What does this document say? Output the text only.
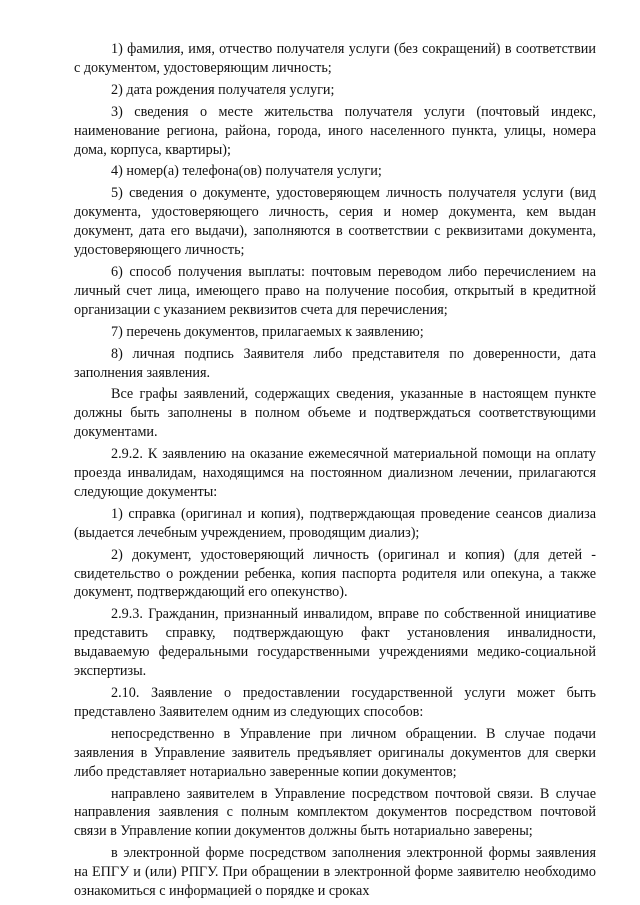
1) фамилия, имя, отчество получателя услуги (без сокращений) в соответствии с документом, удостоверяющим личность;

2) дата рождения получателя услуги;

3) сведения о месте жительства получателя услуги (почтовый индекс, наименование региона, района, города, иного населенного пункта, улицы, номера дома, корпуса, квартиры);

4) номер(а) телефона(ов) получателя услуги;

5) сведения о документе, удостоверяющем личность получателя услуги (вид документа, удостоверяющего личность, серия и номер документа, кем выдан документ, дата его выдачи), заполняются в соответствии с реквизитами документа, удостоверяющего личность;

6) способ получения выплаты: почтовым переводом либо перечислением на личный счет лица, имеющего право на получение пособия, открытый в кредитной организации с указанием реквизитов счета для перечисления;

7) перечень документов, прилагаемых к заявлению;

8) личная подпись Заявителя либо представителя по доверенности, дата заполнения заявления.

Все графы заявлений, содержащих сведения, указанные в настоящем пункте должны быть заполнены в полном объеме и подтверждаться соответствующими документами.

2.9.2. К заявлению на оказание ежемесячной материальной помощи на оплату проезда инвалидам, находящимся на постоянном диализном лечении, прилагаются следующие документы:

1) справка (оригинал и копия), подтверждающая проведение сеансов диализа (выдается лечебным учреждением, проводящим диализ);

2) документ, удостоверяющий личность (оригинал и копия) (для детей - свидетельство о рождении ребенка, копия паспорта родителя или опекуна, а также документ, подтверждающий его опекунство).

2.9.3. Гражданин, признанный инвалидом, вправе по собственной инициативе представить справку, подтверждающую факт установления инвалидности, выдаваемую федеральными государственными учреждениями медико-социальной экспертизы.

2.10. Заявление о предоставлении государственной услуги может быть представлено Заявителем одним из следующих способов:

непосредственно в Управление при личном обращении. В случае подачи заявления в Управление заявитель предъявляет оригиналы документов для сверки либо представляет нотариально заверенные копии документов;

направлено заявителем в Управление посредством почтовой связи. В случае направления заявления с полным комплектом документов посредством почтовой связи в Управление копии документов должны быть нотариально заверены;

в электронной форме посредством заполнения электронной формы заявления на ЕПГУ и (или) РПГУ. При обращении в электронной форме заявителю необходимо ознакомиться с информацией о порядке и сроках
